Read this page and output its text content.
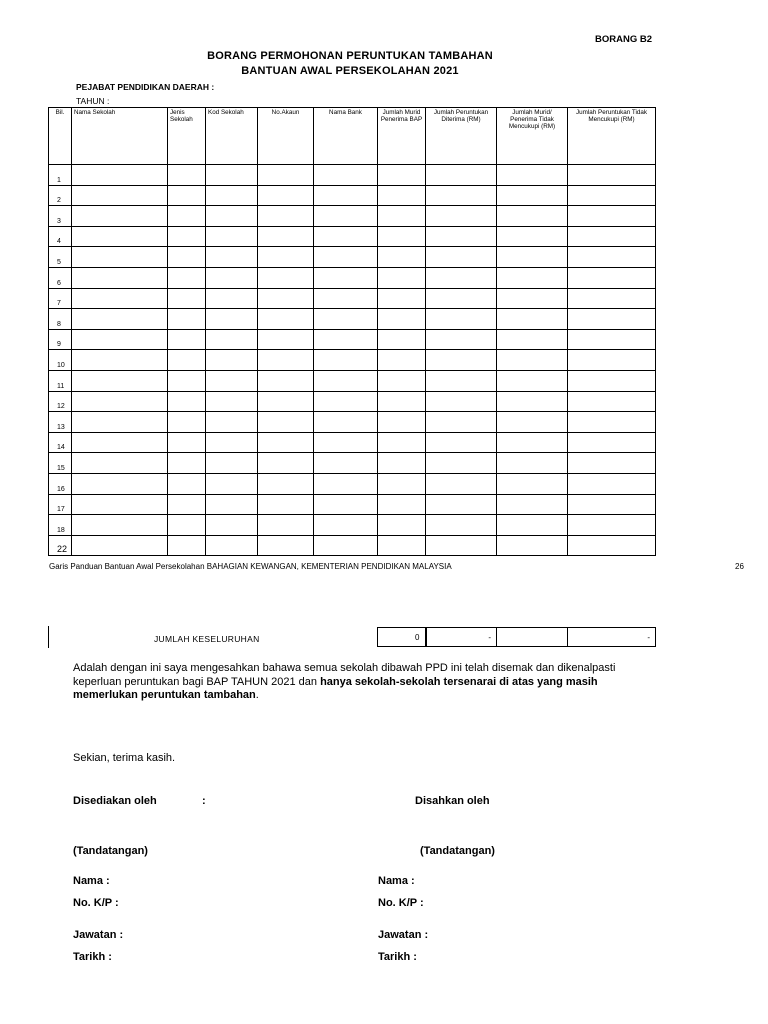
BORANG B2
BORANG PERMOHONAN PERUNTUKAN TAMBAHAN
BANTUAN AWAL PERSEKOLAHAN 2021
PEJABAT PENDIDIKAN DAERAH :
TAHUN :
Bil.	Nama Sekolah	Jenis Sekolah	Kod Sekolah	No.Akaun	Nama Bank	Jumlah Murid Penerima BAP	Jumlah Peruntukan Diterima (RM)	Jumlah Murid/ Penerima Tidak Mencukupi (RM)	Jumlah Peruntukan Tidak Mencukupi (RM)
1									
2									
3									
4									
5									
6									
7									
8									
9									
10									
11									
12									
13									
14									
15									
16									
17									
18									
22									
Garis Panduan Bantuan Awal Persekolahan BAHAGIAN KEWANGAN, KEMENTERIAN PENDIDIKAN MALAYSIA	26
JUMLAH KESELURUHAN	0	-		-
Adalah dengan ini saya mengesahkan bahawa semua sekolah dibawah PPD ini telah disemak dan dikenalpasti keperluan peruntukan bagi BAP TAHUN 2021 dan hanya sekolah-sekolah tersenarai di atas yang masih memerlukan peruntukan tambahan.
Sekian, terima kasih.
Disediakan oleh	:	Disahkan oleh
(Tandatangan)	(Tandatangan)
Nama :
No. K/P :
Jawatan :
Tarikh :
Nama :
No. K/P :
Jawatan :
Tarikh :
